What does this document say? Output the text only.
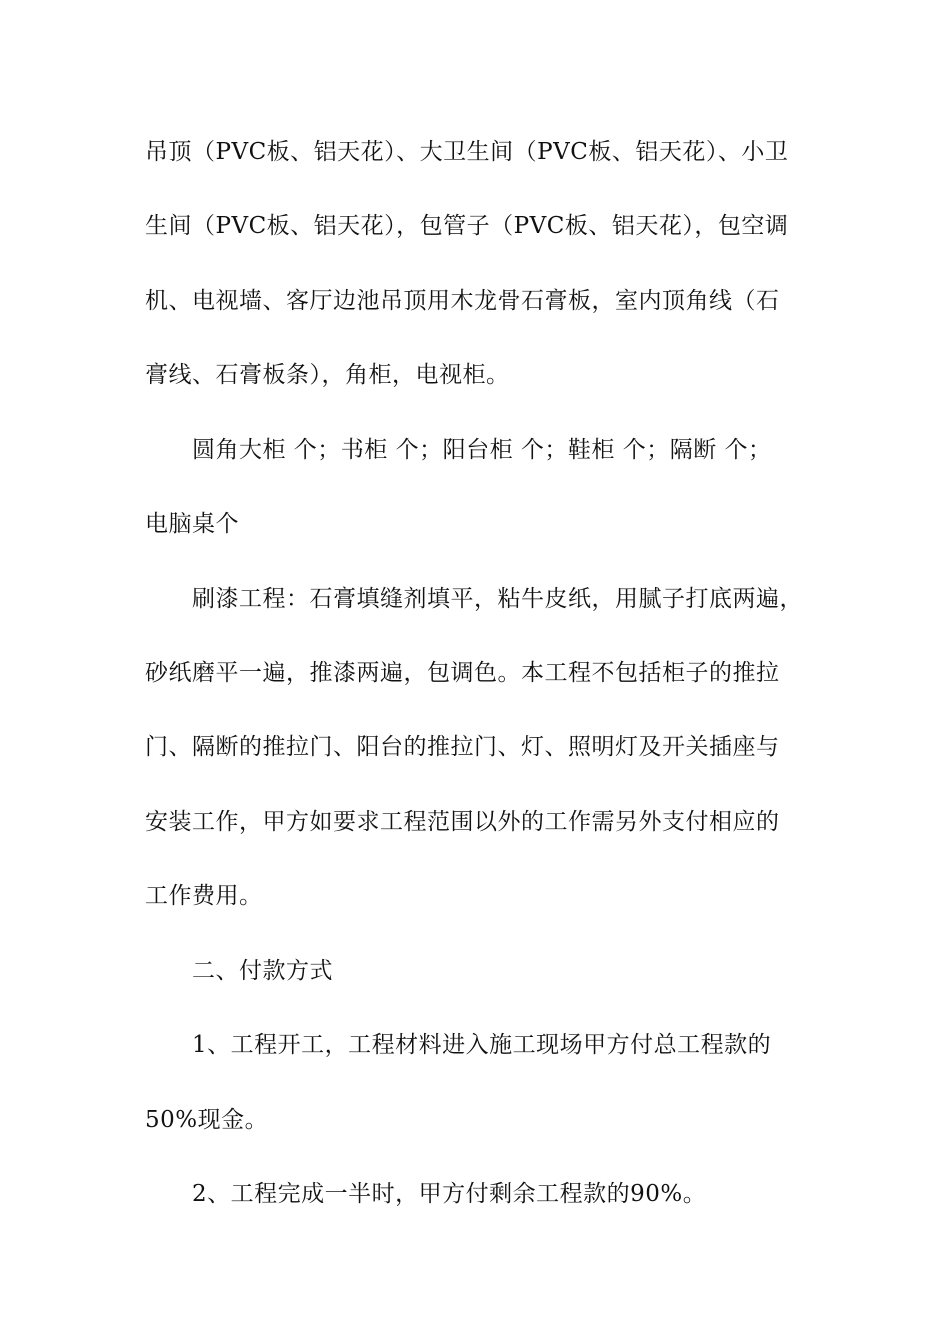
吊顶（PVC板、铝天花）、大卫生间（PVC板、铝天花）、小卫
生间（PVC板、铝天花），包管子（PVC板、铝天花），包空调
机、电视墙、客厅边池吊顶用木龙骨石膏板，室内顶角线（石
膏线、石膏板条），角柜，电视柜。
圆角大柜 个；书柜 个；阳台柜 个；鞋柜 个；隔断 个；
电脑桌个
刷漆工程：石膏填缝剂填平，粘牛皮纸，用腻子打底两遍，
砂纸磨平一遍，推漆两遍，包调色。本工程不包括柜子的推拉
门、隔断的推拉门、阳台的推拉门、灯、照明灯及开关插座与
安装工作，甲方如要求工程范围以外的工作需另外支付相应的
工作费用。
二、付款方式
1、工程开工，工程材料进入施工现场甲方付总工程款的
50%现金。
2、工程完成一半时，甲方付剩余工程款的90%。
